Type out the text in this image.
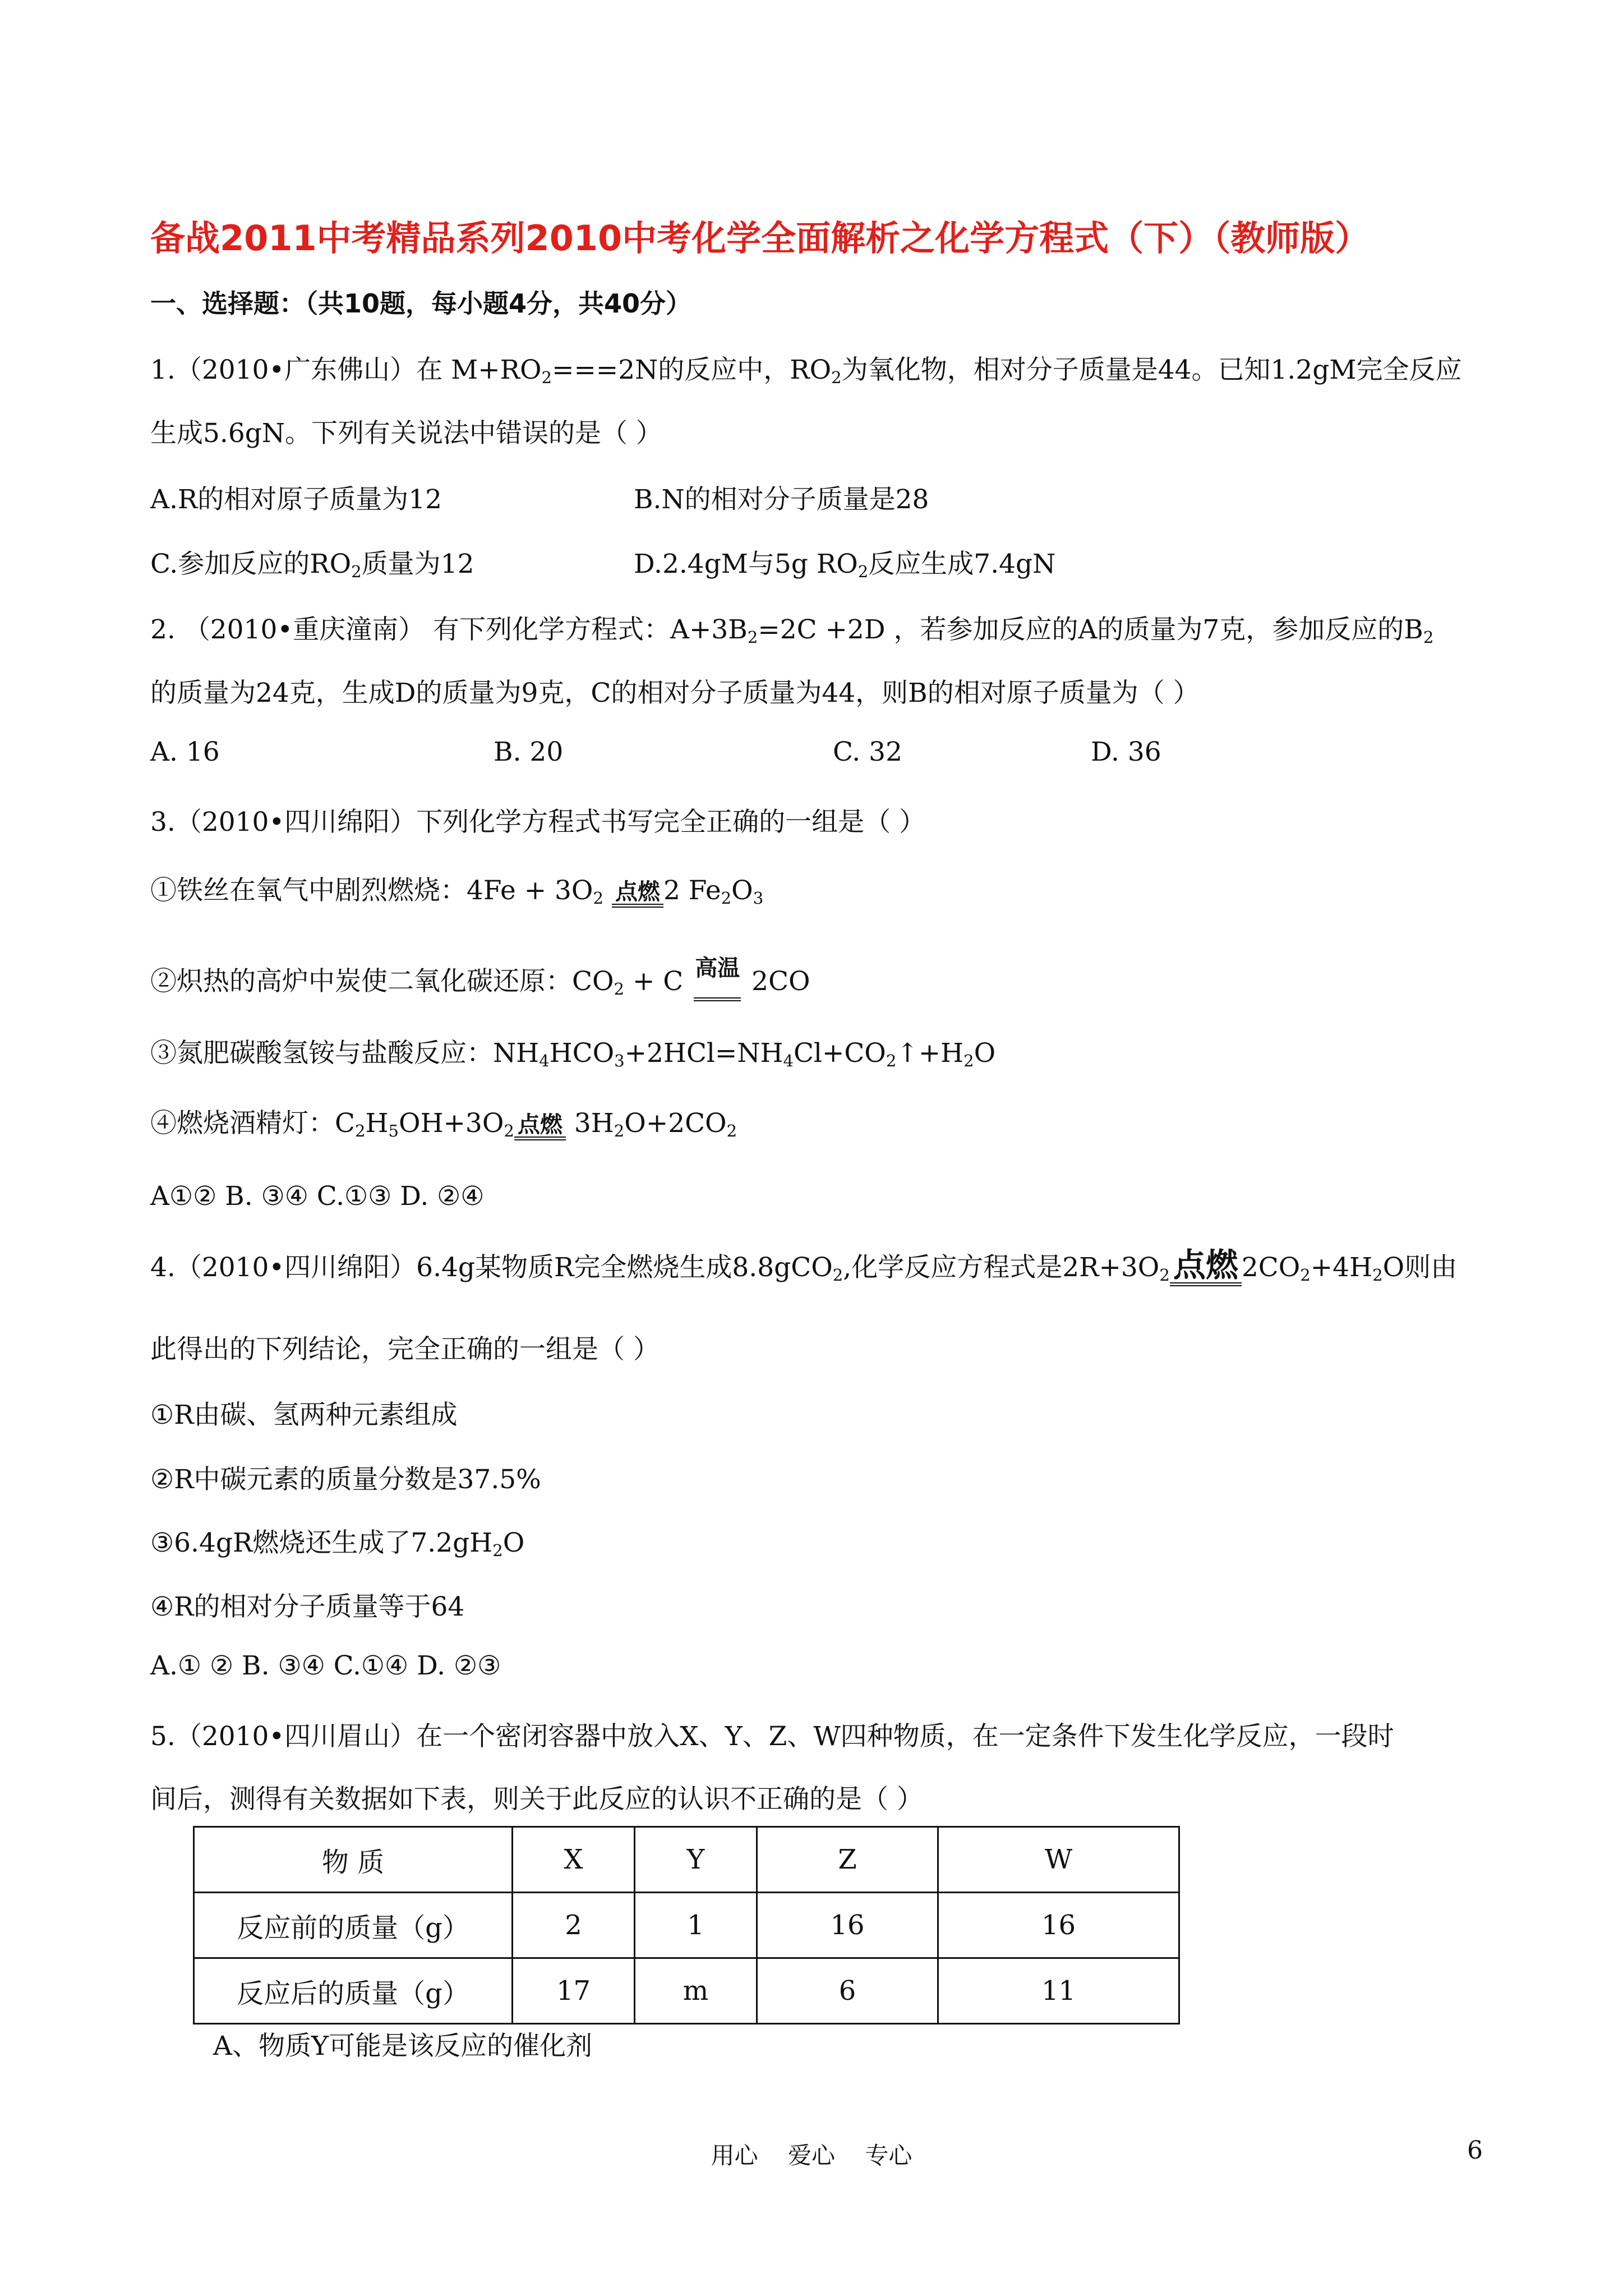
备战2011中考精品系列2010中考化学全面解析之化学方程式（下）（教师版）
一、选择题：（共10题，每小题4分，共40分）
1.（2010•广东佛山）在 $M+RO_2===2N$的反应中，$RO_2$为氧化物，相对分子质量是44。已知1.2gM完全反应
生成5.6gN。下列有关说法中错误的是（ ）
A.R的相对原子质量为12	B.N的相对分子质量是28
C.参加反应的$RO_2$质量为12	D.2.4gM与5g $RO_2$反应生成7.4gN
2. （2010•重庆潼南） 有下列化学方程式：$A+3B_2=2C +2D$ ，若参加反应的A的质量为7克，参加反应的$B_2$
的质量为24克，生成D的质量为9克，C的相对分子质量为44，则B的相对原子质量为（ ）
A. 16	B. 20	C. 32	D. 36
3.（2010•四川绵阳）下列化学方程式书写完全正确的一组是（ ）
①铁丝在氧气中剧烈燃烧：$4Fe + 3O_2$ 点燃 2 $Fe_2O_3$
②炽热的高炉中炭使二氧化碳还原：$CO_2 + C$ 高温 2CO
③氮肥碳酸氢铵与盐酸反应：$NH_4HCO_3+2HCl=NH_4Cl+CO_2↑+H_2O$
④燃烧酒精灯：$C_2H_5OH+3O_2$ 点燃 $3H_2O+2CO_2$
A①② B. ③④ C.①③ D. ②④
4.（2010•四川绵阳）6.4g某物质R完全燃烧生成8.8gCO$_2$,化学反应方程式是$2R+3O_2$ 点燃 $2CO_2+4H_2O$则由
此得出的下列结论，完全正确的一组是（ ）
①R由碳、氢两种元素组成
②R中碳元素的质量分数是37.5%
③6.4gR燃烧还生成了$7.2gH_2O$
④R的相对分子质量等于64
A.① ② B. ③④ C.①④ D. ②③
5.（2010•四川眉山）在一个密闭容器中放入X、Y、Z、W四种物质，在一定条件下发生化学反应，一段时
间后，测得有关数据如下表，则关于此反应的认识不正确的是（ ）
物 质	X	Y	Z	W
反应前的质量（g）	2	1	16	16
反应后的质量（g）	17	m	6	11
A、物质Y可能是该反应的催化剂
用心 爱心 专心	6
